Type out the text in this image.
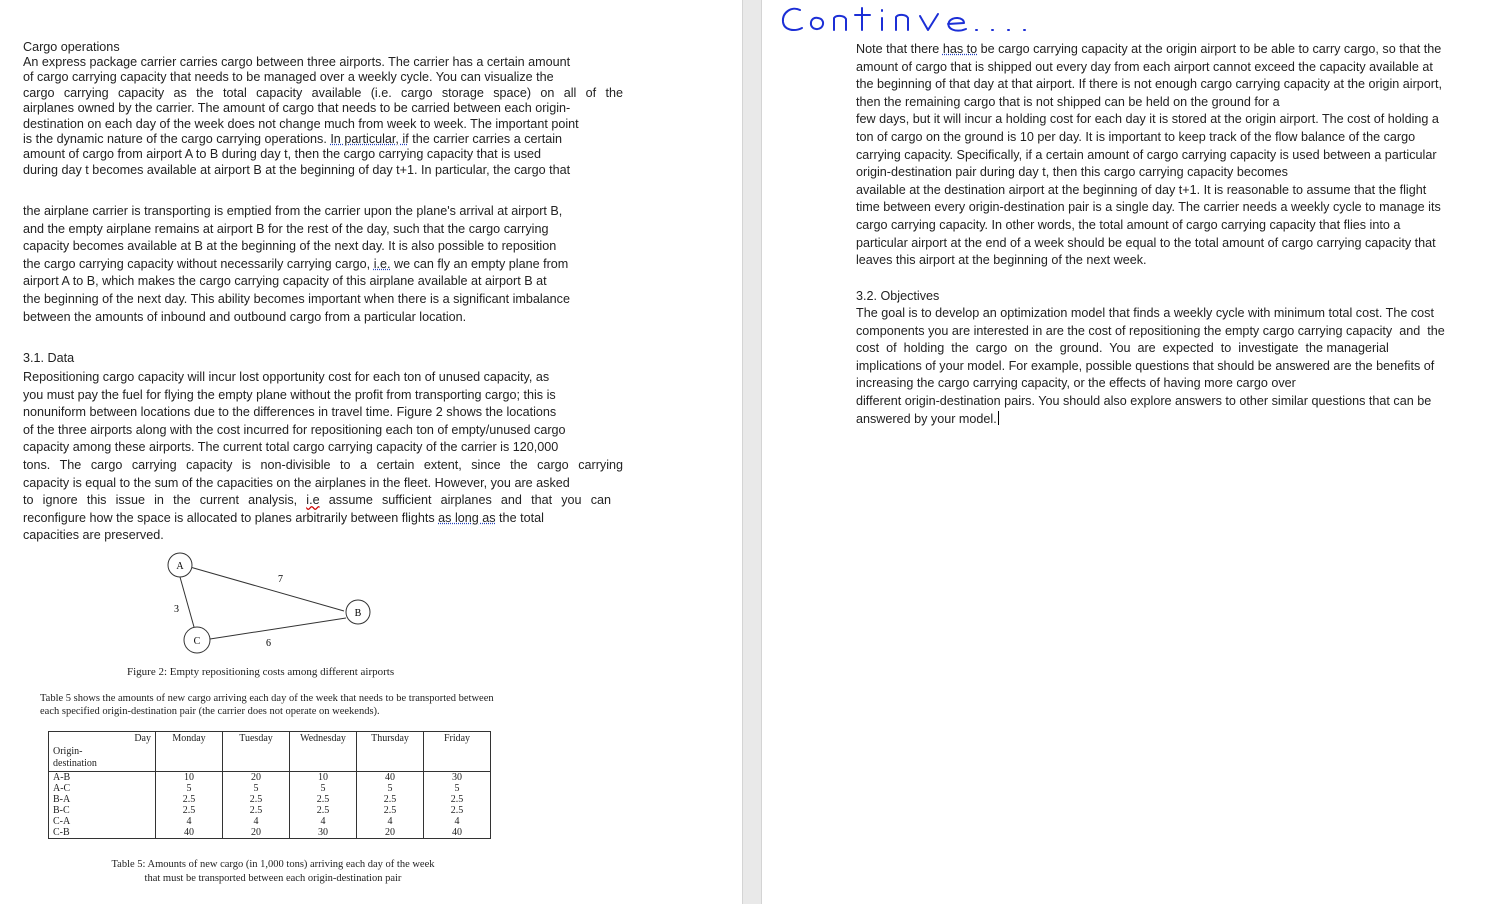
Cargo operations

An express package carrier carries cargo between three airports. The carrier has a certain amount
of cargo carrying capacity that needs to be managed over a weekly cycle. You can visualize the
cargo carrying capacity as the total capacity available (i.e. cargo storage space) on all of the
airplanes owned by the carrier. The amount of cargo that needs to be carried between each origin-
destination on each day of the week does not change much from week to week. The important point
is the dynamic nature of the cargo carrying operations. In particular, if the carrier carries a certain
amount of cargo from airport A to B during day t, then the cargo carrying capacity that is used
during day t becomes available at airport B at the beginning of day t+1. In particular, the cargo that
the airplane carrier is transporting is emptied from the carrier upon the plane's arrival at airport B,
and the empty airplane remains at airport B for the rest of the day, such that the cargo carrying
capacity becomes available at B at the beginning of the next day. It is also possible to reposition
the cargo carrying capacity without necessarily carrying cargo, i.e. we can fly an empty plane from
airport A to B, which makes the cargo carrying capacity of this airplane available at airport B at
the beginning of the next day. This ability becomes important when there is a significant imbalance
between the amounts of inbound and outbound cargo from a particular location.

3.1. Data

Repositioning cargo capacity will incur lost opportunity cost for each ton of unused capacity, as
you must pay the fuel for flying the empty plane without the profit from transporting cargo; this is
nonuniform between locations due to the differences in travel time. Figure 2 shows the locations
of the three airports along with the cost incurred for repositioning each ton of empty/unused cargo
capacity among these airports. The current total cargo carrying capacity of the carrier is 120,000
tons. The cargo carrying capacity is non-divisible to a certain extent, since the cargo carrying
capacity is equal to the sum of the capacities on the airplanes in the fleet. However, you are asked
to ignore this issue in the current analysis, i.e assume sufficient airplanes and that you can
reconfigure how the space is allocated to planes arbitrarily between flights as long as the total
capacities are preserved.
A
B
C
7
3
6
Figure 2: Empty repositioning costs among different airports
Table 5 shows the amounts of new cargo arriving each day of the week that needs to be transported between each specified origin-destination pair (the carrier does not operate on weekends).
Day
Origin-
destination	Monday	Tuesday	Wednesday	Thursday	Friday
A-B	10	20	10	40	30
A-C	5	5	5	5	5
B-A	2.5	2.5	2.5	2.5	2.5
B-C	2.5	2.5	2.5	2.5	2.5
C-A	4	4	4	4	4
C-B	40	20	30	20	40
Table 5: Amounts of new cargo (in 1,000 tons) arriving each day of the week
that must be transported between each origin-destination pair
Note that there has to be cargo carrying capacity at the origin airport to be able to carry cargo, so that the
amount of cargo that is shipped out every day from each airport cannot exceed the capacity available at
the beginning of that day at that airport. If there is not enough cargo carrying capacity at the origin airport,
then the remaining cargo that is not shipped can be held on the ground for a
few days, but it will incur a holding cost for each day it is stored at the origin airport. The cost of holding a
ton of cargo on the ground is 10 per day. It is important to keep track of the flow balance of the cargo
carrying capacity. Specifically, if a certain amount of cargo carrying capacity is used between a particular
origin-destination pair during day t, then this cargo carrying capacity becomes
available at the destination airport at the beginning of day t+1. It is reasonable to assume that the flight
time between every origin-destination pair is a single day. The carrier needs a weekly cycle to manage its
cargo carrying capacity. In other words, the total amount of cargo carrying capacity that flies into a
particular airport at the end of a week should be equal to the total amount of cargo carrying capacity that
leaves this airport at the beginning of the next week.

3.2. Objectives

The goal is to develop an optimization model that finds a weekly cycle with minimum total cost. The cost
components you are interested in are the cost of repositioning the empty cargo carrying capacity  and  the
cost  of  holding  the  cargo  on  the  ground.  You  are  expected  to  investigate  the managerial
implications of your model. For example, possible questions that should be answered are the benefits of
increasing the cargo carrying capacity, or the effects of having more cargo over
different origin-destination pairs. You should also explore answers to other similar questions that can be
answered by your model.
